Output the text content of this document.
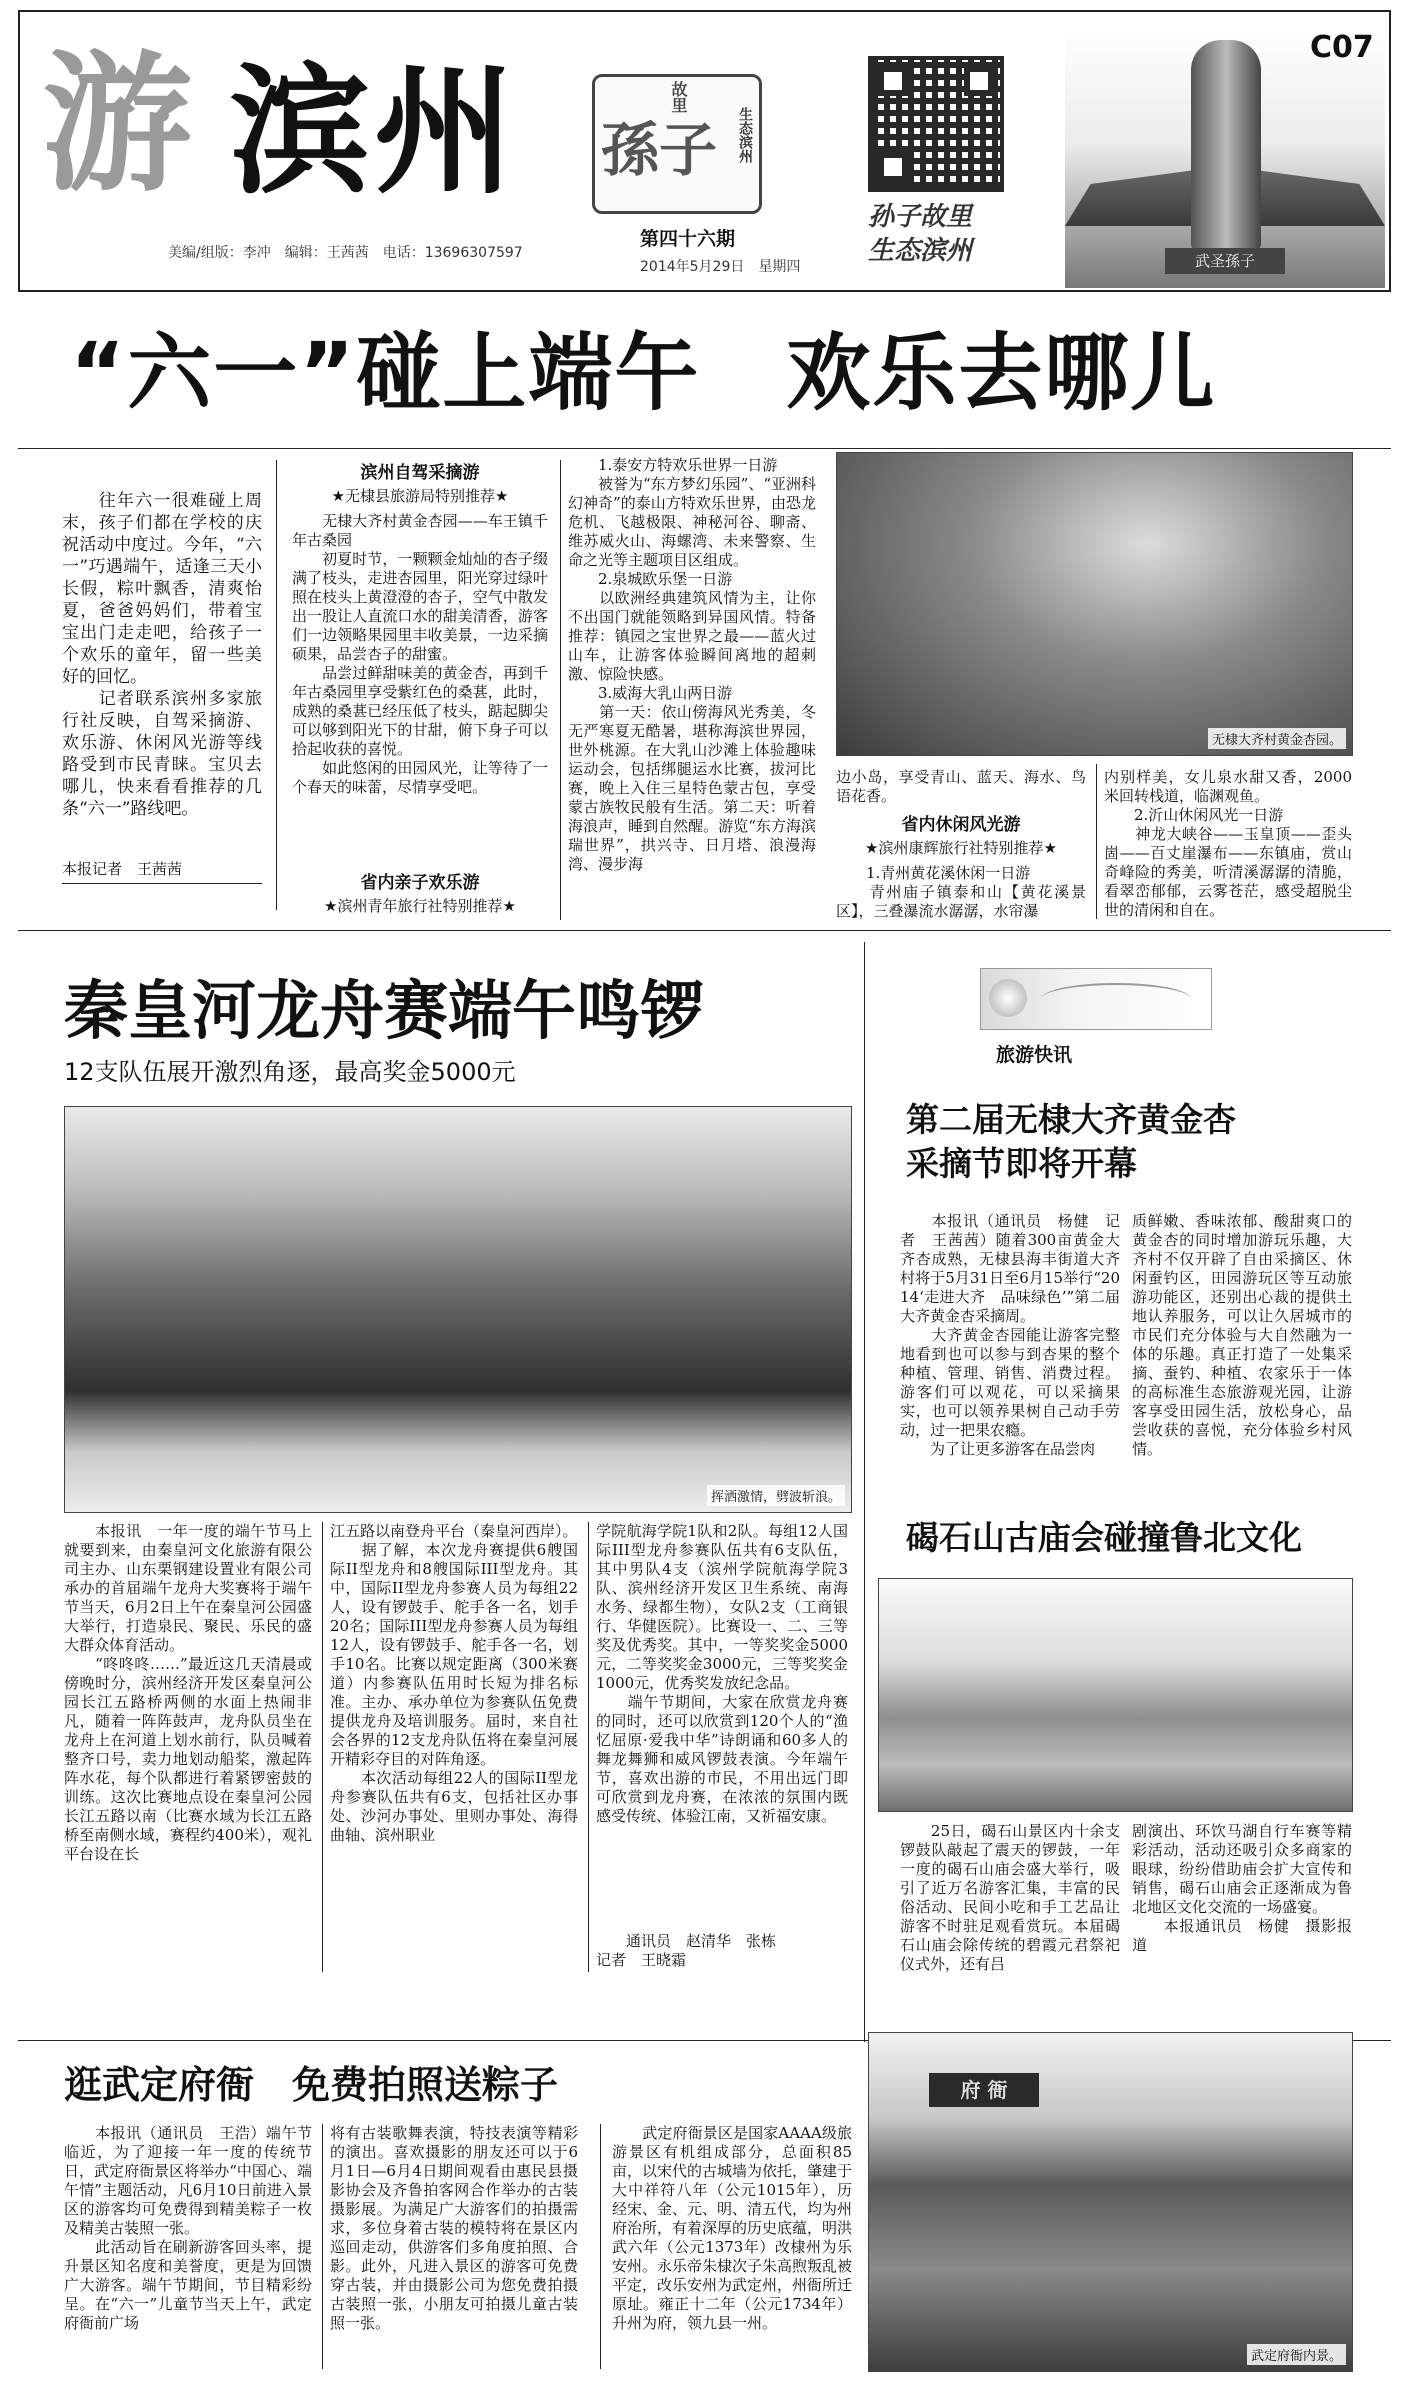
游 滨州
美编/组版：李冲　编辑：王茜茜　电话：13696307597
故里
孫子 生态滨州
第四十六期
2014年5月29日　星期四
孙子故里
生态滨州	武圣孫子
C07
“六一”碰上端午　欢乐去哪儿

　　往年六一很难碰上周末，孩子们都在学校的庆祝活动中度过。今年，“六一”巧遇端午，适逢三天小长假，粽叶飘香，清爽怡夏，爸爸妈妈们，带着宝宝出门走走吧，给孩子一个欢乐的童年，留一些美好的回忆。
　　记者联系滨州多家旅行社反映，自驾采摘游、欢乐游、休闲风光游等线路受到市民青睐。宝贝去哪儿，快来看看推荐的几条“六一”路线吧。

本报记者　王茜茜
滨州自驾采摘游
★无棣县旅游局特别推荐★

　　无棣大齐村黄金杏园——车王镇千年古桑园
　　初夏时节，一颗颗金灿灿的杏子缀满了枝头，走进杏园里，阳光穿过绿叶照在枝头上黄澄澄的杏子，空气中散发出一股让人直流口水的甜美清香，游客们一边领略果园里丰收美景，一边采摘硕果，品尝杏子的甜蜜。
　　品尝过鲜甜味美的黄金杏，再到千年古桑园里享受紫红色的桑葚，此时，成熟的桑葚已经压低了枝头，踮起脚尖可以够到阳光下的甘甜，俯下身子可以拾起收获的喜悦。
　　如此悠闲的田园风光，让等待了一个春天的味蕾，尽情享受吧。

省内亲子欢乐游
★滨州青年旅行社特别推荐★

　　1.泰安方特欢乐世界一日游
　　被誉为“东方梦幻乐园”、“亚洲科幻神奇”的泰山方特欢乐世界，由恐龙危机、飞越极限、神秘河谷、聊斋、维苏威火山、海螺湾、未来警察、生命之光等主题项目区组成。
　　2.泉城欧乐堡一日游
　　以欧洲经典建筑风情为主，让你不出国门就能领略到异国风情。特备推荐：镇园之宝世界之最——蓝火过山车，让游客体验瞬间离地的超刺激、惊险快感。
　　3.威海大乳山两日游
　　第一天：依山傍海风光秀美，冬无严寒夏无酷暑，堪称海滨世界园，世外桃源。在大乳山沙滩上体验趣味运动会，包括绑腿运水比赛，拔河比赛，晚上入住三星特色蒙古包，享受蒙古族牧民般有生活。第二天：听着海浪声，睡到自然醒。游览“东方海滨瑞世界”，拱兴寺、日月塔、浪漫海湾、漫步海

无棣大齐村黄金杏园。

边小岛，享受青山、蓝天、海水、鸟语花香。

省内休闲风光游
★滨州康辉旅行社特别推荐★

　　1.青州黄花溪休闲一日游
　　青州庙子镇泰和山【黄花溪景区】，三叠瀑流水潺潺，水帘瀑

内别样美，女儿泉水甜又香，2000米回转栈道，临渊观鱼。
　　2.沂山休闲风光一日游
　　神龙大峡谷——玉皇顶——歪头崮——百丈崖瀑布——东镇庙，赏山奇峰险的秀美，听清溪潺潺的清脆，看翠峦郁郁，云雾苍茫，感受超脱尘世的清闲和自在。

秦皇河龙舟赛端午鸣锣
12支队伍展开激烈角逐，最高奖金5000元
挥洒激情，劈波斩浪。

　　本报讯　一年一度的端午节马上就要到来，由秦皇河文化旅游有限公司主办、山东栗钢建设置业有限公司承办的首届端午龙舟大奖赛将于端午节当天，6月2日上午在秦皇河公园盛大举行，打造泉民、聚民、乐民的盛大群众体育活动。
　　“咚咚咚……”最近这几天清晨或傍晚时分，滨州经济开发区秦皇河公园长江五路桥两侧的水面上热闹非凡，随着一阵阵鼓声，龙舟队员坐在龙舟上在河道上划水前行，队员喊着整齐口号，卖力地划动船桨，激起阵阵水花，每个队都进行着紧锣密鼓的训练。这次比赛地点设在秦皇河公园长江五路以南（比赛水域为长江五路桥至南侧水域，赛程约400米），观礼平台设在长

江五路以南登舟平台（秦皇河西岸）。
　　据了解，本次龙舟赛提供6艘国际II型龙舟和8艘国际III型龙舟。其中，国际II型龙舟参赛人员为每组22人，设有锣鼓手、舵手各一名，划手20名；国际III型龙舟参赛人员为每组12人，设有锣鼓手、舵手各一名，划手10名。比赛以规定距离（300米赛道）内参赛队伍用时长短为排名标准。主办、承办单位为参赛队伍免费提供龙舟及培训服务。届时，来自社会各界的12支龙舟队伍将在秦皇河展开精彩夺目的对阵角逐。
　　本次活动每组22人的国际II型龙舟参赛队伍共有6支，包括社区办事处、沙河办事处、里则办事处、海得曲轴、滨州职业

学院航海学院1队和2队。每组12人国际III型龙舟参赛队伍共有6支队伍，其中男队4支（滨州学院航海学院3队、滨州经济开发区卫生系统、南海水务、绿都生物），女队2支（工商银行、华健医院）。比赛设一、二、三等奖及优秀奖。其中，一等奖奖金5000元，二等奖奖金3000元，三等奖奖金1000元，优秀奖发放纪念品。
　　端午节期间，大家在欣赏龙舟赛的同时，还可以欣赏到120个人的“渔忆屈原·爱我中华”诗朗诵和60多人的舞龙舞狮和威风锣鼓表演。今年端午节，喜欢出游的市民，不用出远门即可欣赏到龙舟赛，在浓浓的氛围内既感受传统、体验江南，又祈福安康。

　　通讯员　赵清华　张栋
记者　王晓霜

旅游快讯
第二届无棣大齐黄金杏
采摘节即将开幕

　　本报讯（通讯员　杨健　记者　王茜茜）随着300亩黄金大齐杏成熟，无棣县海丰街道大齐村将于5月31日至6月15举行“2014‘走进大齐　品味绿色’”第二届大齐黄金杏采摘周。
　　大齐黄金杏园能让游客完整地看到也可以参与到杏果的整个种植、管理、销售、消费过程。游客们可以观花，可以采摘果实，也可以领养果树自己动手劳动，过一把果农瘾。
　　为了让更多游客在品尝肉

质鲜嫩、香味浓郁、酸甜爽口的黄金杏的同时增加游玩乐趣，大齐村不仅开辟了自由采摘区、休闲蚕钓区，田园游玩区等互动旅游功能区，还别出心裁的提供土地认养服务，可以让久居城市的市民们充分体验与大自然融为一体的乐趣。真正打造了一处集采摘、蚕钓、种植、农家乐于一体的高标准生态旅游观光园，让游客享受田园生活，放松身心，品尝收获的喜悦，充分体验乡村风情。

碣石山古庙会碰撞鲁北文化

　　25日，碣石山景区内十余支锣鼓队敲起了震天的锣鼓，一年一度的碣石山庙会盛大举行，吸引了近万名游客汇集，丰富的民俗活动、民间小吃和手工艺品让游客不时驻足观看赏玩。本届碣石山庙会除传统的碧霞元君祭祀仪式外，还有吕

剧演出、环饮马湖自行车赛等精彩活动，活动还吸引众多商家的眼球，纷纷借助庙会扩大宣传和销售，碣石山庙会正逐渐成为鲁北地区文化交流的一场盛宴。
　　本报通讯员　杨健　摄影报道

逛武定府衙　免费拍照送粽子

　　本报讯（通讯员　王浩）端午节临近，为了迎接一年一度的传统节日，武定府衙景区将举办“中国心、端午情”主题活动，凡6月10日前进入景区的游客均可免费得到精美粽子一枚及精美古装照一张。
　　此活动旨在刷新游客回头率，提升景区知名度和美誉度，更是为回馈广大游客。端午节期间，节目精彩纷呈。在“六一”儿童节当天上午，武定府衙前广场

将有古装歌舞表演，特技表演等精彩的演出。喜欢摄影的朋友还可以于6月1日—6月4日期间观看由惠民县摄影协会及齐鲁拍客网合作举办的古装摄影展。为满足广大游客们的拍摄需求，多位身着古装的模特将在景区内巡回走动，供游客们多角度拍照、合影。此外，凡进入景区的游客可免费穿古装，并由摄影公司为您免费拍摄古装照一张，小朋友可拍摄儿童古装照一张。

　　武定府衙景区是国家AAAA级旅游景区有机组成部分，总面积85亩，以宋代的古城墙为依托，肇建于大中祥符八年（公元1015年），历经宋、金、元、明、清五代，均为州府治所，有着深厚的历史底蕴，明洪武六年（公元1373年）改棣州为乐安州。永乐帝朱棣次子朱高煦叛乱被平定，改乐安州为武定州，州衙所迁原址。雍正十二年（公元1734年）升州为府，领九县一州。

府 衙
武定府衙内景。
